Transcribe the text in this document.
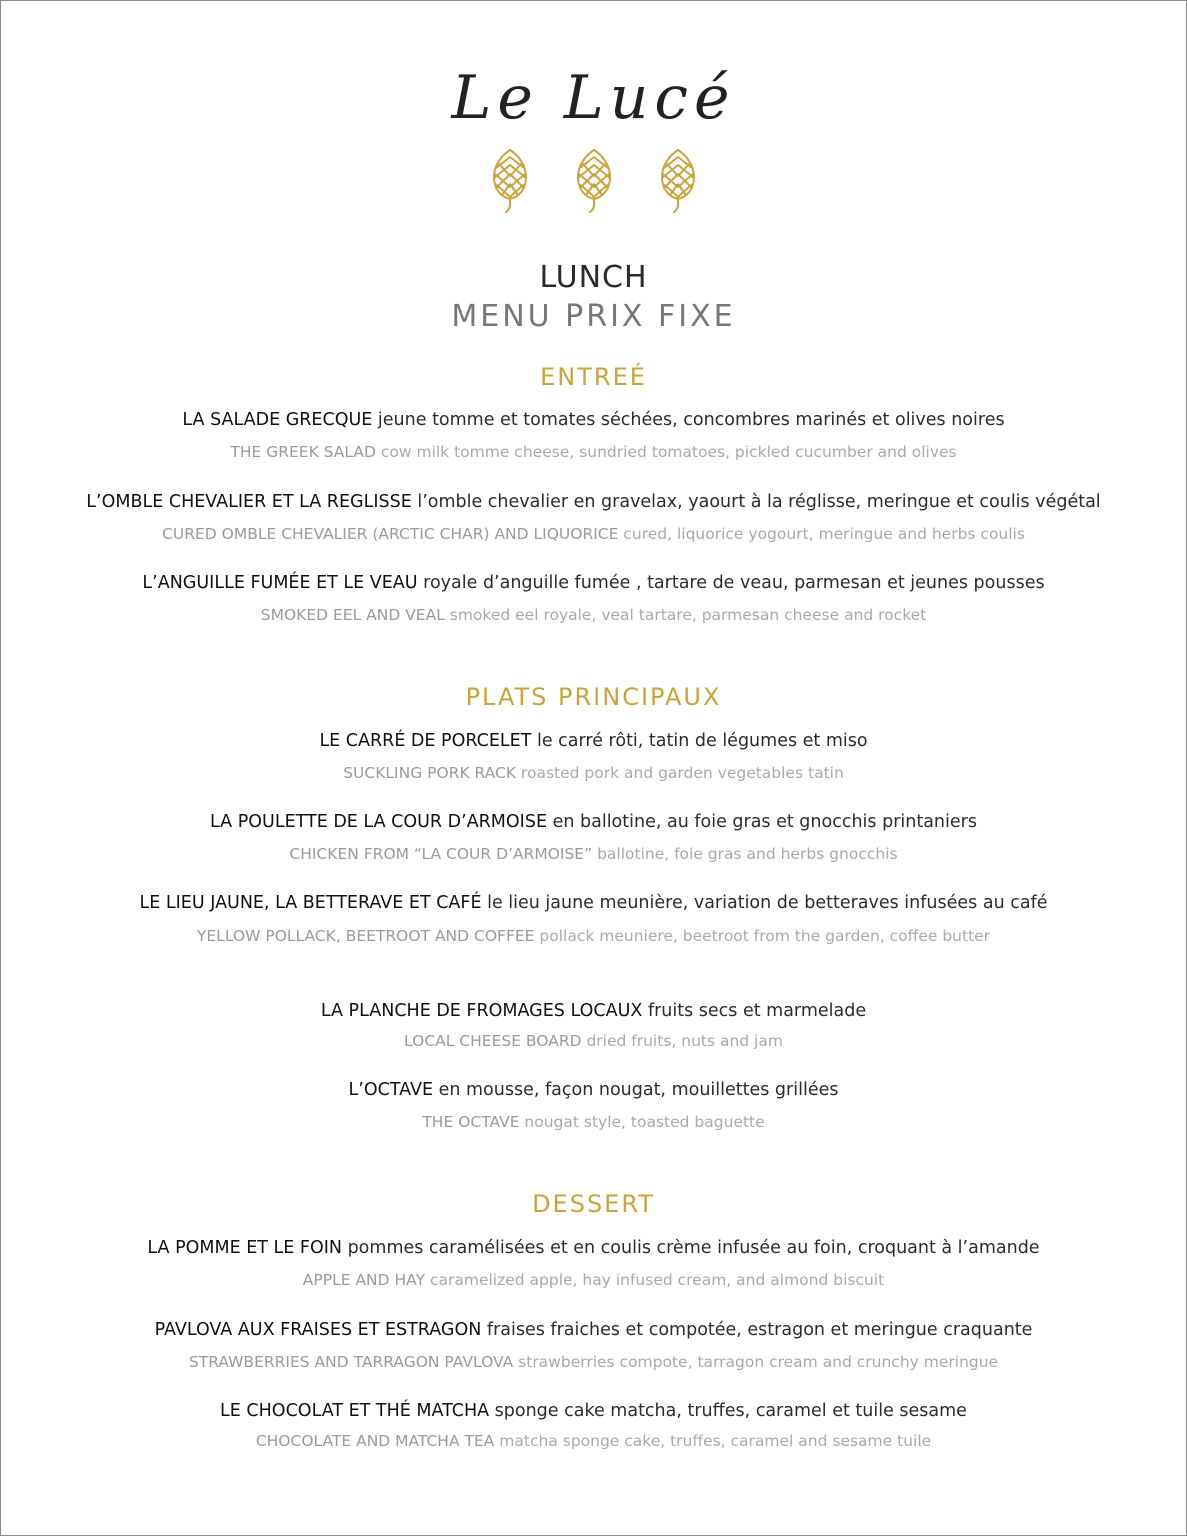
Le Lucé
LUNCH
MENU PRIX FIXE
ENTREÉ
LA SALADE GRECQUE jeune tomme et tomates séchées, concombres marinés et olives noires
THE GREEK SALAD cow milk tomme cheese, sundried tomatoes, pickled cucumber and olives
L’OMBLE CHEVALIER ET LA REGLISSE l’omble chevalier en gravelax, yaourt à la réglisse, meringue et coulis végétal
CURED OMBLE CHEVALIER (ARCTIC CHAR) AND LIQUORICE cured, liquorice yogourt, meringue and herbs coulis
L’ANGUILLE FUMÉE ET LE VEAU royale d’anguille fumée , tartare de veau, parmesan et jeunes pousses
SMOKED EEL AND VEAL smoked eel royale, veal tartare, parmesan cheese and rocket
PLATS PRINCIPAUX
LE CARRÉ DE PORCELET le carré rôti, tatin de légumes et miso
SUCKLING PORK RACK roasted pork and garden vegetables tatin
LA POULETTE DE LA COUR D’ARMOISE en ballotine, au foie gras et gnocchis printaniers
CHICKEN FROM “LA COUR D’ARMOISE” ballotine, foie gras and herbs gnocchis
LE LIEU JAUNE, LA BETTERAVE ET CAFÉ le lieu jaune meunière, variation de betteraves infusées au café
YELLOW POLLACK, BEETROOT AND COFFEE pollack meuniere, beetroot from the garden, coffee butter
LA PLANCHE DE FROMAGES LOCAUX fruits secs et marmelade
LOCAL CHEESE BOARD dried fruits, nuts and jam
L’OCTAVE en mousse, façon nougat, mouillettes grillées
THE OCTAVE nougat style, toasted baguette
DESSERT
LA POMME ET LE FOIN pommes caramélisées et en coulis crème infusée au foin, croquant à l’amande
APPLE AND HAY caramelized apple, hay infused cream, and almond biscuit
PAVLOVA AUX FRAISES ET ESTRAGON fraises fraiches et compotée, estragon et meringue craquante
STRAWBERRIES AND TARRAGON PAVLOVA strawberries compote, tarragon cream and crunchy meringue
LE CHOCOLAT ET THÉ MATCHA sponge cake matcha, truffes, caramel et tuile sesame
CHOCOLATE AND MATCHA TEA matcha sponge cake, truffes, caramel and sesame tuile
